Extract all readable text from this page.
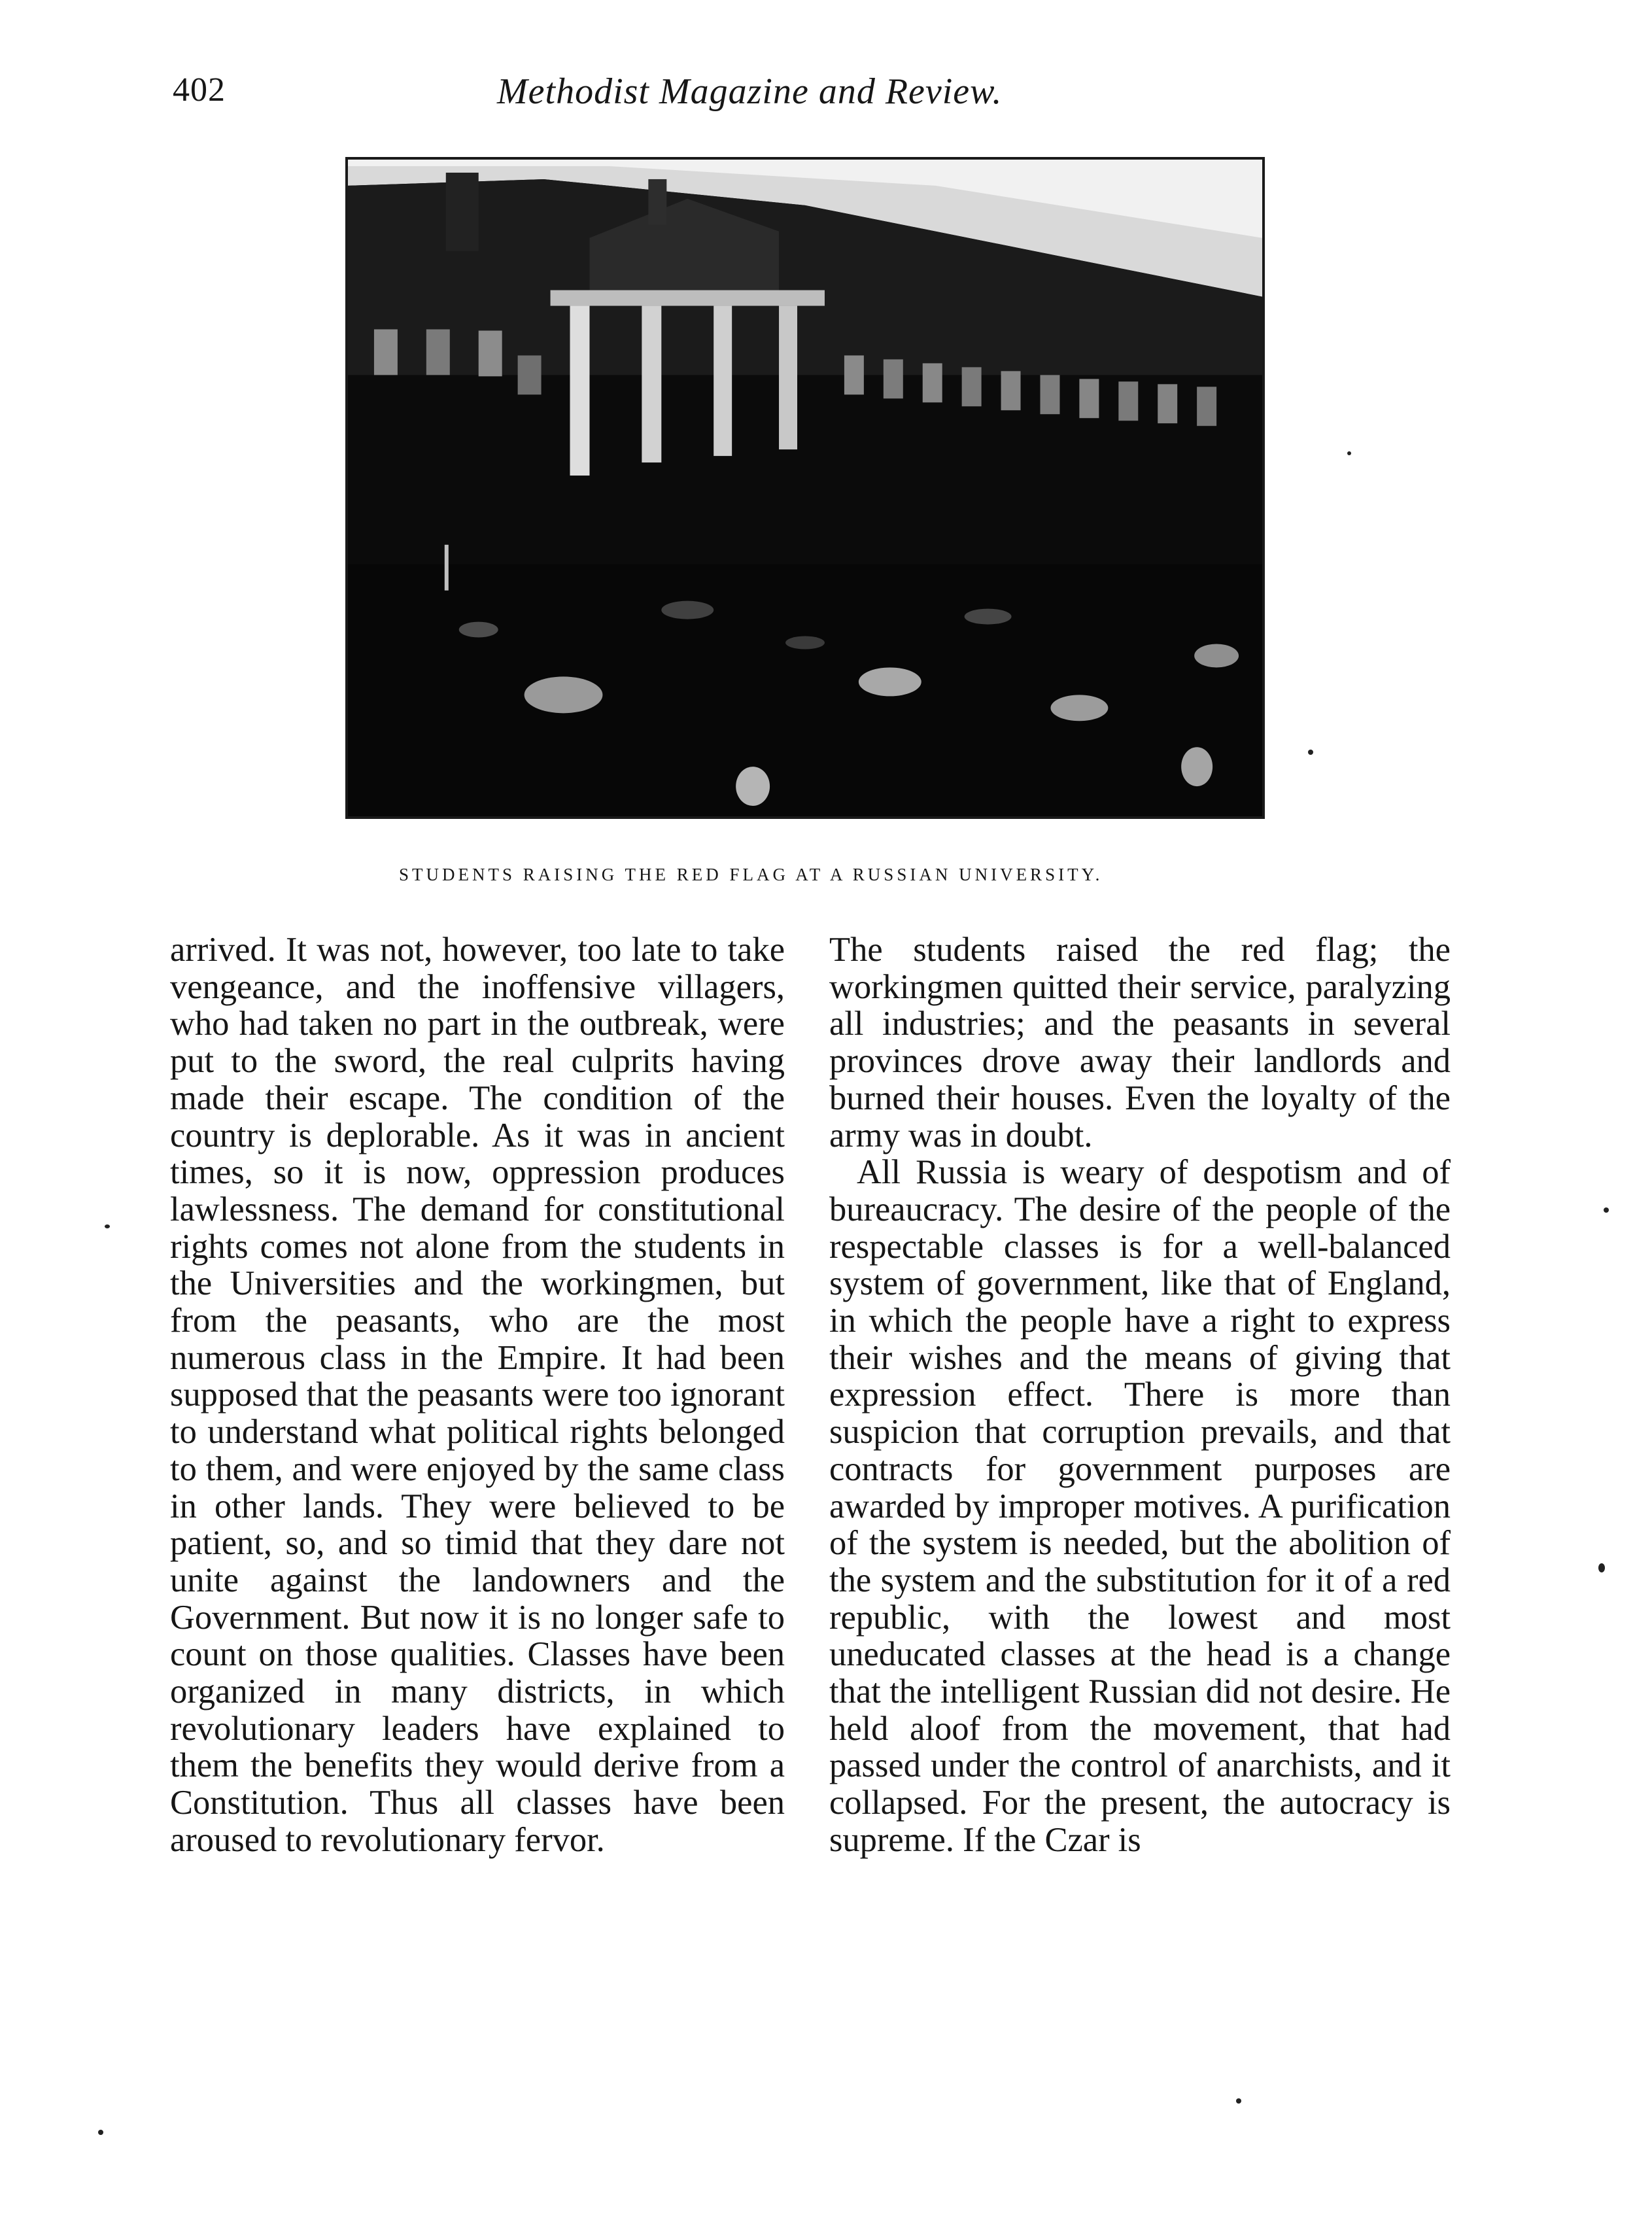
402	Methodist Magazine and Review.
STUDENTS RAISING THE RED FLAG AT A RUSSIAN UNIVERSITY.

arrived. It was not, however, too late to take vengeance, and the inoffensive villagers, who had taken no part in the outbreak, were put to the sword, the real culprits having made their escape. The condition of the country is deplorable. As it was in ancient times, so it is now, oppression produces lawlessness. The demand for constitutional rights comes not alone from the students in the Universities and the workingmen, but from the peasants, who are the most numerous class in the Empire. It had been supposed that the peasants were too ignorant to understand what political rights belonged to them, and were enjoyed by the same class in other lands. They were believed to be patient, so, and so timid that they dare not unite against the landowners and the Government. But now it is no longer safe to count on those qualities. Classes have been organized in many districts, in which revolutionary leaders have explained to them the benefits they would derive from a Constitution. Thus all classes have been aroused to revolutionary fervor.

The students raised the red flag; the workingmen quitted their service, paralyzing all industries; and the peasants in several provinces drove away their landlords and burned their houses. Even the loyalty of the army was in doubt.

All Russia is weary of despotism and of bureaucracy. The desire of the people of the respectable classes is for a well-balanced system of government, like that of England, in which the people have a right to express their wishes and the means of giving that expression effect. There is more than suspicion that corruption prevails, and that contracts for government purposes are awarded by improper motives. A purification of the system is needed, but the abolition of the system and the substitution for it of a red republic, with the lowest and most uneducated classes at the head is a change that the intelligent Russian did not desire. He held aloof from the movement, that had passed under the control of anarchists, and it collapsed. For the present, the autocracy is supreme. If the Czar is
